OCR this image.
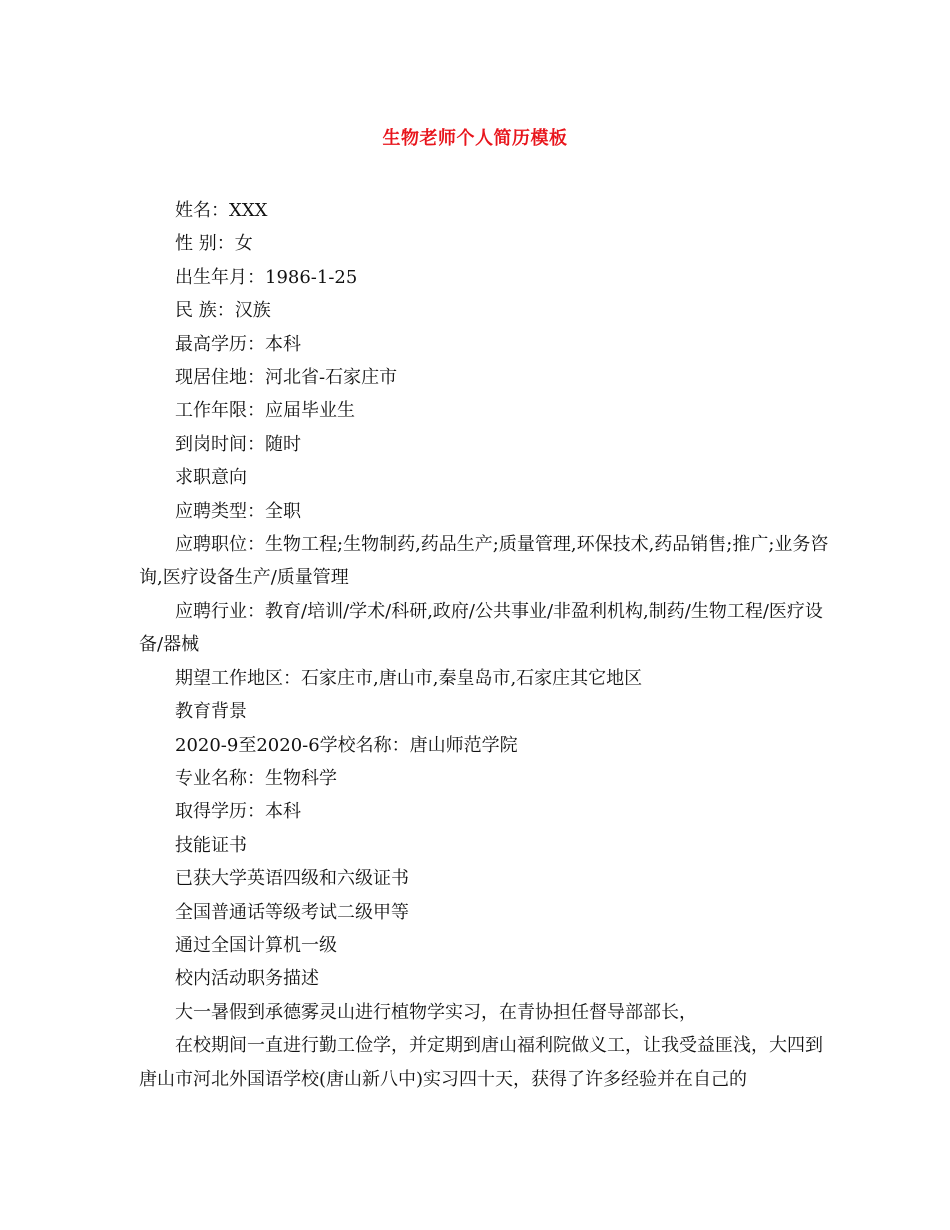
生物老师个人简历模板

姓名：XXX

性 别：女

出生年月：1986-1-25

民 族：汉族

最高学历：本科

现居住地：河北省-石家庄市

工作年限：应届毕业生

到岗时间：随时

求职意向

应聘类型：全职

应聘职位：生物工程;生物制药,药品生产;质量管理,环保技术,药品销售;推广;业务咨询,医疗设备生产/质量管理

应聘行业：教育/培训/学术/科研,政府/公共事业/非盈利机构,制药/生物工程/医疗设备/器械

期望工作地区：石家庄市,唐山市,秦皇岛市,石家庄其它地区

教育背景

2020-9至2020-6学校名称：唐山师范学院

专业名称：生物科学

取得学历：本科

技能证书

已获大学英语四级和六级证书

全国普通话等级考试二级甲等

通过全国计算机一级

校内活动职务描述

大一暑假到承德雾灵山进行植物学实习，在青协担任督导部部长，

在校期间一直进行勤工俭学，并定期到唐山福利院做义工，让我受益匪浅，大四到唐山市河北外国语学校(唐山新八中)实习四十天，获得了许多经验并在自己的
